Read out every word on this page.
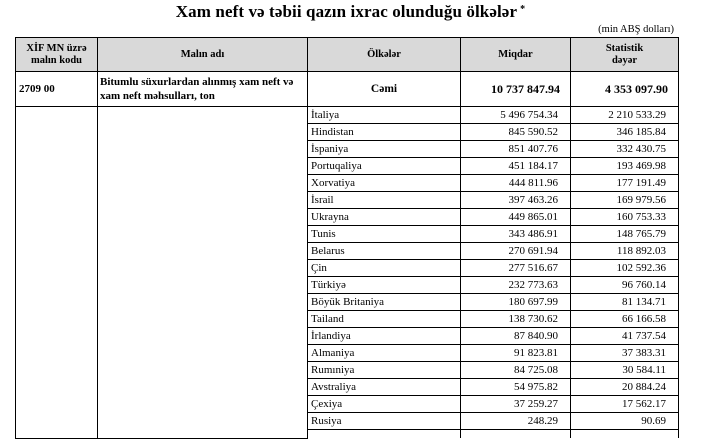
Xam neft və təbii qazın ixrac olunduğu ölkələr *
(min ABŞ dolları)
XİF MN üzrə
malın kodu	Malın adı	Ölkələr	Miqdar	Statistik
dəyər
2709 00	Bitumlu süxurlardan alınmış xam neft və xam neft məhsulları, ton	Cəmi	10 737 847.94	4 353 097.90
		İtaliya	5 496 754.34	2 210 533.29
		Hindistan	845 590.52	346 185.84
		İspaniya	851 407.76	332 430.75
		Portuqaliya	451 184.17	193 469.98
		Xorvatiya	444 811.96	177 191.49
		İsrail	397 463.26	169 979.56
		Ukrayna	449 865.01	160 753.33
		Tunis	343 486.91	148 765.79
		Belarus	270 691.94	118 892.03
		Çin	277 516.67	102 592.36
		Türkiyə	232 773.63	96 760.14
		Böyük Britaniya	180 697.99	81 134.71
		Tailand	138 730.62	66 166.58
		İrlandiya	87 840.90	41 737.54
		Almaniya	91 823.81	37 383.31
		Rumıniya	84 725.08	30 584.11
		Avstraliya	54 975.82	20 884.24
		Çexiya	37 259.27	17 562.17
		Rusiya	248.29	90.69
